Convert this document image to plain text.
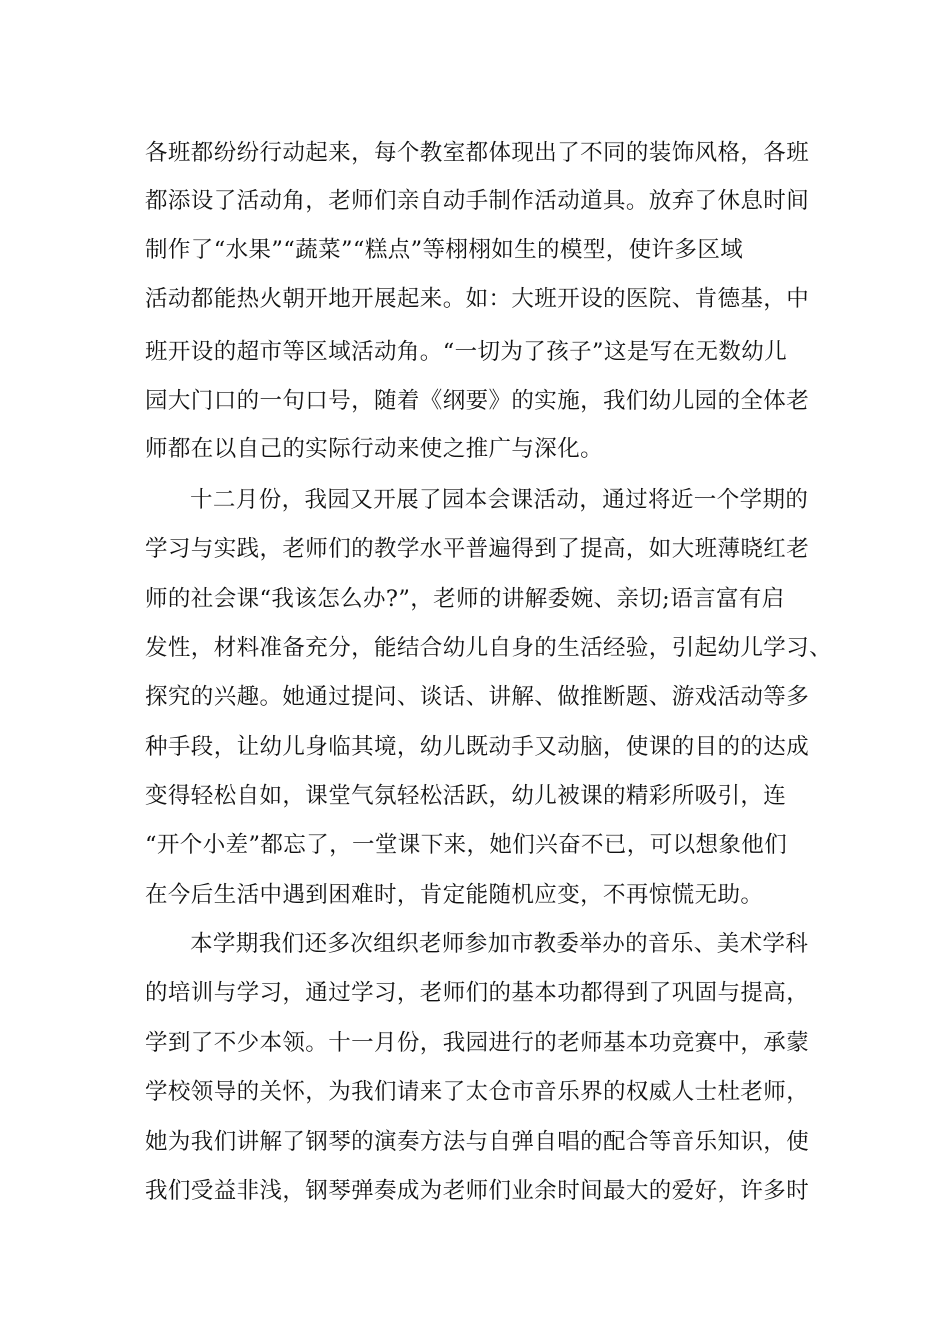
各班都纷纷行动起来，每个教室都体现出了不同的装饰风格，各班
都添设了活动角，老师们亲自动手制作活动道具。放弃了休息时间
制作了“水果”“蔬菜”“糕点”等栩栩如生的模型，使许多区域
活动都能热火朝开地开展起来。如：大班开设的医院、肯德基，中
班开设的超市等区域活动角。“一切为了孩子”这是写在无数幼儿
园大门口的一句口号，随着《纲要》的实施，我们幼儿园的全体老
师都在以自己的实际行动来使之推广与深化。
十二月份，我园又开展了园本会课活动，通过将近一个学期的
学习与实践，老师们的教学水平普遍得到了提高，如大班薄晓红老
师的社会课“我该怎么办?”，老师的讲解委婉、亲切;语言富有启
发性，材料准备充分，能结合幼儿自身的生活经验，引起幼儿学习、
探究的兴趣。她通过提问、谈话、讲解、做推断题、游戏活动等多
种手段，让幼儿身临其境，幼儿既动手又动脑，使课的目的的达成
变得轻松自如，课堂气氛轻松活跃，幼儿被课的精彩所吸引，连
“开个小差”都忘了，一堂课下来，她们兴奋不已，可以想象他们
在今后生活中遇到困难时，肯定能随机应变，不再惊慌无助。
本学期我们还多次组织老师参加市教委举办的音乐、美术学科
的培训与学习，通过学习，老师们的基本功都得到了巩固与提高，
学到了不少本领。十一月份，我园进行的老师基本功竞赛中，承蒙
学校领导的关怀，为我们请来了太仓市音乐界的权威人士杜老师，
她为我们讲解了钢琴的演奏方法与自弹自唱的配合等音乐知识，使
我们受益非浅，钢琴弹奏成为老师们业余时间最大的爱好，许多时
